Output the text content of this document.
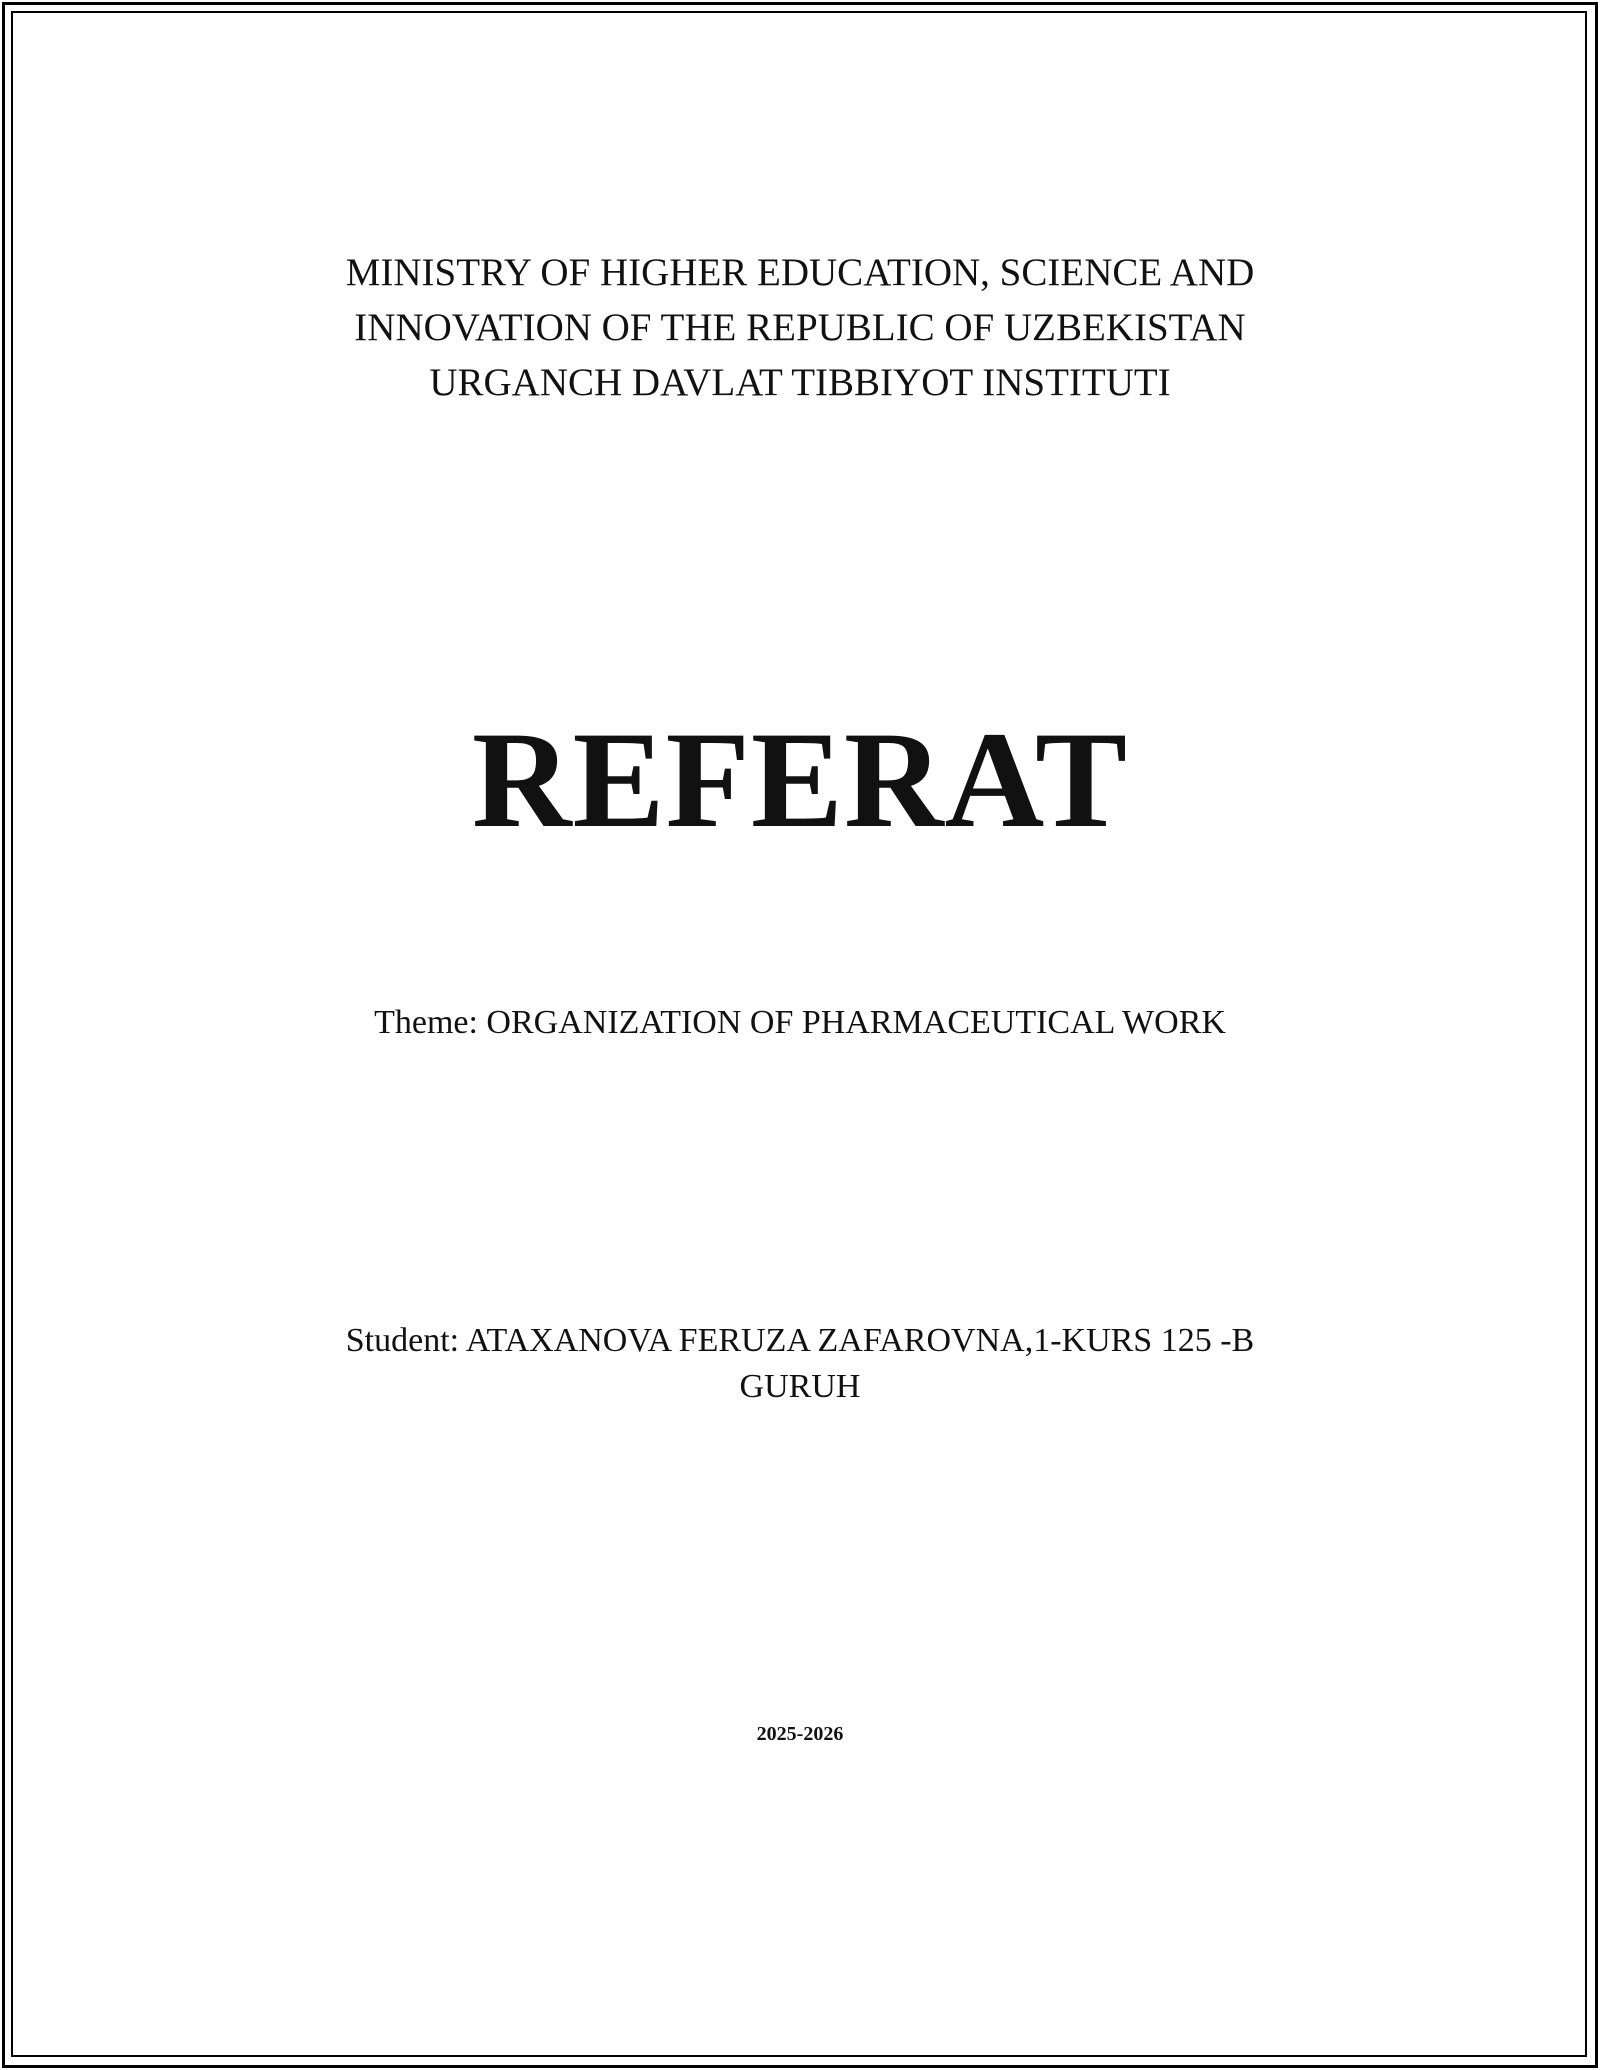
MINISTRY OF HIGHER EDUCATION, SCIENCE AND
INNOVATION OF THE REPUBLIC OF UZBEKISTAN
URGANCH DAVLAT TIBBIYOT INSTITUTI
REFERAT
Theme: ORGANIZATION OF PHARMACEUTICAL WORK
Student: ATAXANOVA FERUZA ZAFAROVNA,1-KURS 125 -B GURUH
2025-2026
